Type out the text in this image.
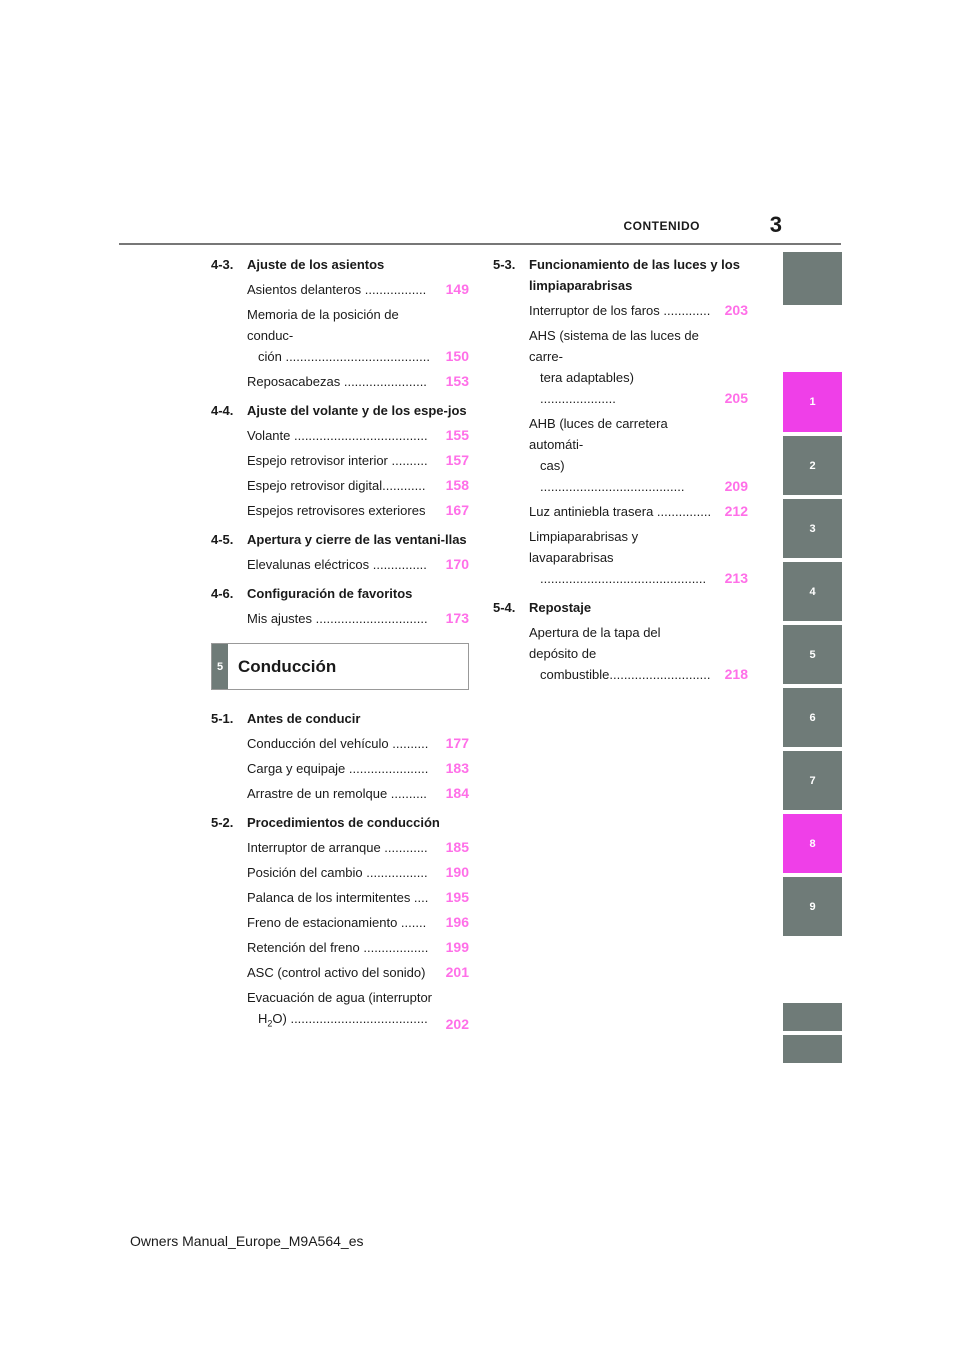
CONTENIDO	3
1
2
3
4
5
6
7
8
9
4-3.	Ajuste de los asientos
Asientos delanteros .................	149
Memoria de la posición de conduc-
ción ........................................	150
Reposacabezas .......................	153
4-4.	Ajuste del volante y de los espe-jos
Volante .....................................	155
Espejo retrovisor interior ..........	157
Espejo retrovisor digital............	158
Espejos retrovisores exteriores	167
4-5.	Apertura y cierre de las ventani-llas
Elevalunas eléctricos ...............	170
4-6.	Configuración de favoritos
Mis ajustes ...............................	173
5 Conducción
5-1.	Antes de conducir
Conducción del vehículo ..........	177
Carga y equipaje ......................	183
Arrastre de un remolque ..........	184
5-2.	Procedimientos de conducción
Interruptor de arranque ............	185
Posición del cambio .................	190
Palanca de los intermitentes ....	195
Freno de estacionamiento .......	196
Retención del freno ..................	199
ASC (control activo del sonido)	201
Evacuación de agua (interruptor
$H_2O$) ......................................	202
5-3.	Funcionamiento de las luces y los limpiaparabrisas
Interruptor de los faros .............	203
AHS (sistema de las luces de carre-
tera adaptables) .....................	205
AHB (luces de carretera automáti-
cas) ........................................	209
Luz antiniebla trasera ............... 212
Limpiaparabrisas y lavaparabrisas
..............................................	213
5-4.	Repostaje
Apertura de la tapa del depósito de
combustible............................	218
Owners Manual_Europe_M9A564_es
